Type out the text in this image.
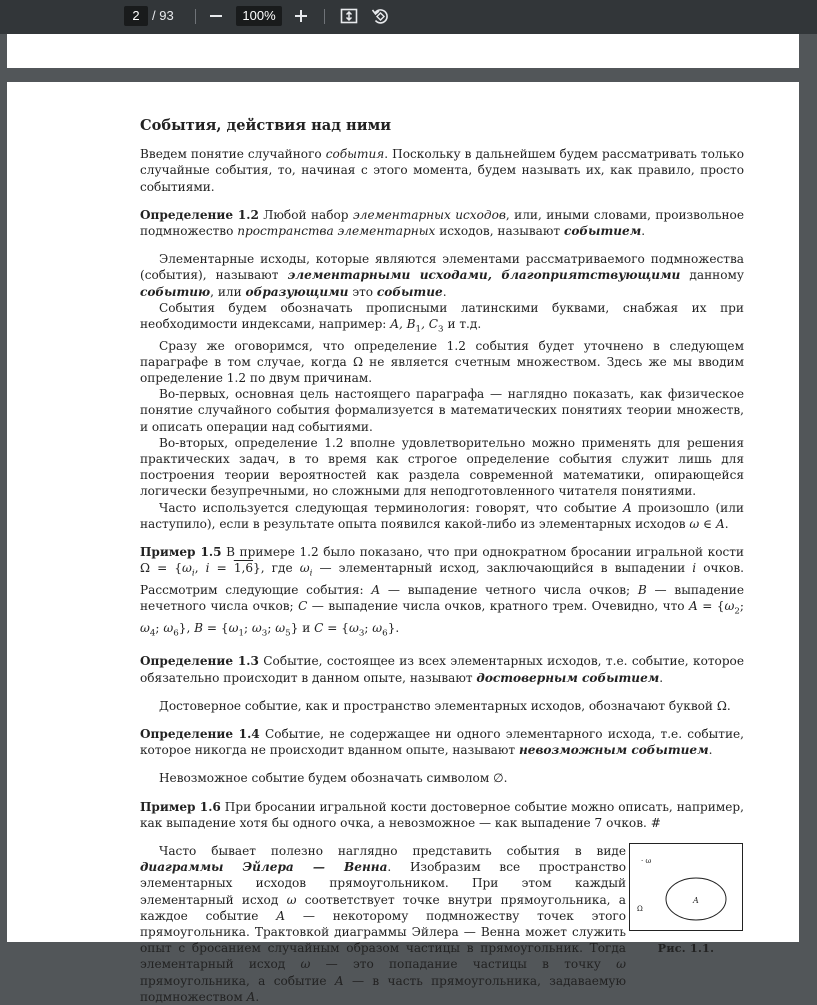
2 / 93	100%
События, действия над ними

Введем понятие случайного события. Поскольку в дальнейшем будем рассматривать только случайные события, то, начиная с этого момента, будем называть их, как правило, просто событиями.

Определение 1.2 Любой набор элементарных исходов, или, иными словами, произвольное подмножество пространства элементарных исходов, называют событием.

Элементарные исходы, которые являются элементами рассматриваемого подмножества (события), называют элементарными исходами, благоприятствующими данному событию, или образующими это событие.

События будем обозначать прописными латинскими буквами, снабжая их при необходимости индексами, например: A, $B_1$, $C_3$ и т.д.

Сразу же оговоримся, что определение 1.2 события будет уточнено в следующем параграфе в том случае, когда Ω не является счетным множеством. Здесь же мы вводим определение 1.2 по двум причинам.

Во-первых, основная цель настоящего параграфа — наглядно показать, как физическое понятие случайного события формализуется в математических понятиях теории множеств, и описать операции над событиями.

Во-вторых, определение 1.2 вполне удовлетворительно можно применять для решения практических задач, в то время как строгое определение события служит лишь для построения теории вероятностей как раздела современной математики, опирающейся логически безупречными, но сложными для неподготовленного читателя понятиями.

Часто используется следующая терминология: говорят, что событие A произошло (или наступило), если в результате опыта появился какой-либо из элементарных исходов ω ∈ A.

Пример 1.5 В примере 1.2 было показано, что при однократном бросании игральной кости $\Omega = \{\omega_i$, i = 1,6}, где $\omega_i$ — элементарный исход, заключающийся в выпадении i очков. Рассмотрим следующие события: A — выпадение четного числа очков; B — выпадение нечетного числа очков; C — выпадение числа очков, кратного трем. Очевидно, что $A = \{\omega_2$; $\omega_4$; $\omega_6$}, $B = \{\omega_1$; $\omega_3$; $\omega_5$} и $C = \{\omega_3$; $\omega_6$}.

Определение 1.3 Событие, состоящее из всех элементарных исходов, т.е. событие, которое обязательно происходит в данном опыте, называют достоверным событием.

Достоверное событие, как и пространство элементарных исходов, обозначают буквой Ω.

Определение 1.4 Событие, не содержащее ни одного элементарного исхода, т.е. событие, которое никогда не происходит вданном опыте, называют невозможным событием.

Невозможное событие будем обозначать символом ∅.

Пример 1.6 При бросании игральной кости достоверное событие можно описать, например, как выпадение хотя бы одного очка, а невозможное — как выпадение 7 очков. #

Часто бывает полезно наглядно представить события в виде диаграммы Эйлера — Венна. Изобразим все пространство элементарных исходов прямоугольником. При этом каждый элементарный исход ω соответствует точке внутри прямоугольника, а каждое событие A — некоторому подмножеству точек этого прямоугольника. Трактовкой диаграммы Эйлера — Венна может служить опыт с бросанием случайным образом частицы в прямоугольник. Тогда элементарный исход ω — это попадание частицы в точку ω прямоугольника, а событие A — в часть прямоугольника, задаваемую подмножеством A.

· ω
Ω
A
Рис. 1.1.
